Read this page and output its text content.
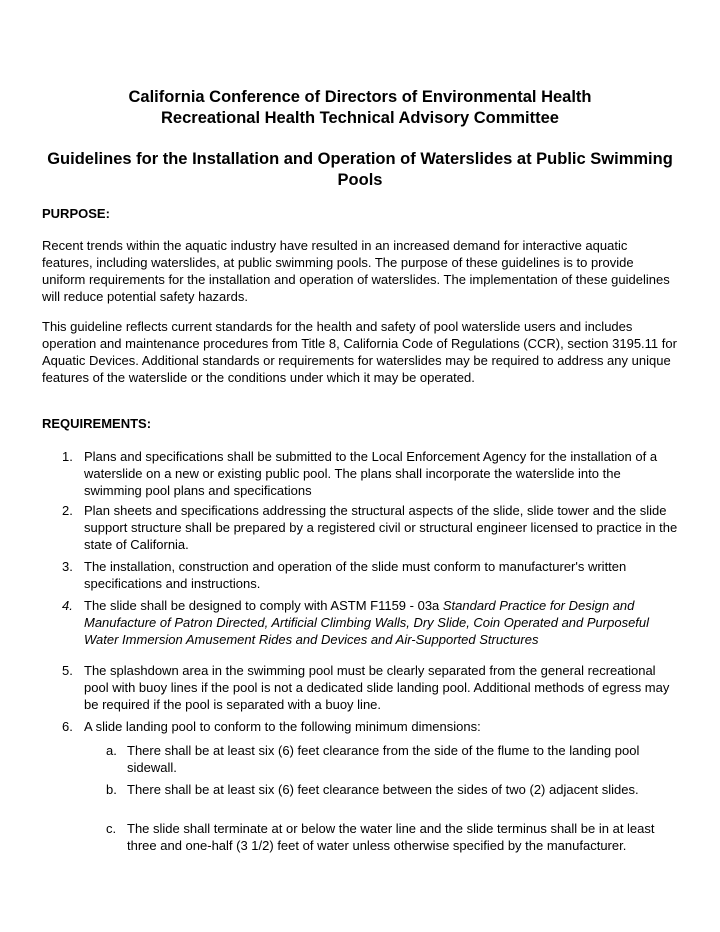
California Conference of Directors of Environmental Health
Recreational Health Technical Advisory Committee
Guidelines for the Installation and Operation of Waterslides at Public Swimming Pools
PURPOSE:
Recent trends within the aquatic industry have resulted in an increased demand for interactive aquatic features, including waterslides, at public swimming pools. The purpose of these guidelines is to provide uniform requirements for the installation and operation of waterslides. The implementation of these guidelines will reduce potential safety hazards.
This guideline reflects current standards for the health and safety of pool waterslide users and includes operation and maintenance procedures from Title 8, California Code of Regulations (CCR), section 3195.11 for Aquatic Devices. Additional standards or requirements for waterslides may be required to address any unique features of the waterslide or the conditions under which it may be operated.
REQUIREMENTS:
1. Plans and specifications shall be submitted to the Local Enforcement Agency for the installation of a waterslide on a new or existing public pool. The plans shall incorporate the waterslide into the swimming pool plans and specifications
2. Plan sheets and specifications addressing the structural aspects of the slide, slide tower and the slide support structure shall be prepared by a registered civil or structural engineer licensed to practice in the state of California.
3. The installation, construction and operation of the slide must conform to manufacturer's written specifications and instructions.
4. The slide shall be designed to comply with ASTM F1159 - 03a Standard Practice for Design and Manufacture of Patron Directed, Artificial Climbing Walls, Dry Slide, Coin Operated and Purposeful Water Immersion Amusement Rides and Devices and Air-Supported Structures
5. The splashdown area in the swimming pool must be clearly separated from the general recreational pool with buoy lines if the pool is not a dedicated slide landing pool. Additional methods of egress may be required if the pool is separated with a buoy line.
6. A slide landing pool to conform to the following minimum dimensions:
a. There shall be at least six (6) feet clearance from the side of the flume to the landing pool sidewall.
b. There shall be at least six (6) feet clearance between the sides of two (2) adjacent slides.
c. The slide shall terminate at or below the water line and the slide terminus shall be in at least three and one-half (3 1/2) feet of water unless otherwise specified by the manufacturer.
